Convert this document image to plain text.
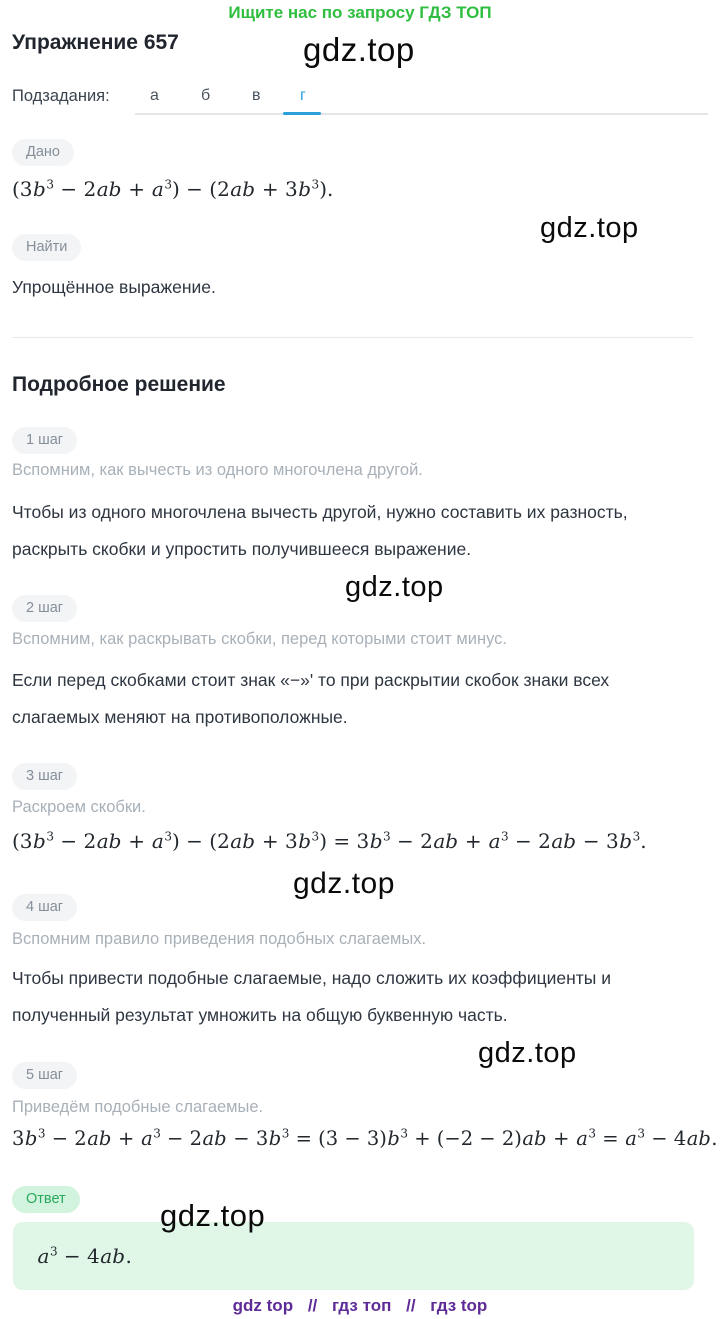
Ищите нас по запросу ГДЗ ТОП
Упражнение 657	gdz.top
Подзадания:	а	б	в г
Дано
$(3b^3 - 2ab + a^3) - (2ab + 3b^3)$.
gdz.top
Найти
Упрощённое выражение.
Подробное решение
1 шаг
Вспомним, как вычесть из одного многочлена другой.
Чтобы из одного многочлена вычесть другой, нужно составить их разность, раскрыть скобки и упростить получившееся выражение.
gdz.top
2 шаг
Вспомним, как раскрывать скобки, перед которыми стоит минус.
Если перед скобками стоит знак «−»' то при раскрытии скобок знаки всех слагаемых меняют на противоположные.
3 шаг
Раскроем скобки.
$(3b^3 - 2ab + a^3) - (2ab + 3b^3) = 3b^3 - 2ab + a^3 - 2ab - 3b^3$.
gdz.top
4 шаг
Вспомним правило приведения подобных слагаемых.
Чтобы привести подобные слагаемые, надо сложить их коэффициенты и полученный результат умножить на общую буквенную часть.
gdz.top
5 шаг
Приведём подобные слагаемые.
$3b^3 - 2ab + a^3 - 2ab - 3b^3 = (3 - 3)b^3 + (-2 - 2)ab + a^3 = a^3 - 4ab$.
Ответ	gdz.top
$a^3 - 4ab$.
gdz top // гдз топ // гдз top
